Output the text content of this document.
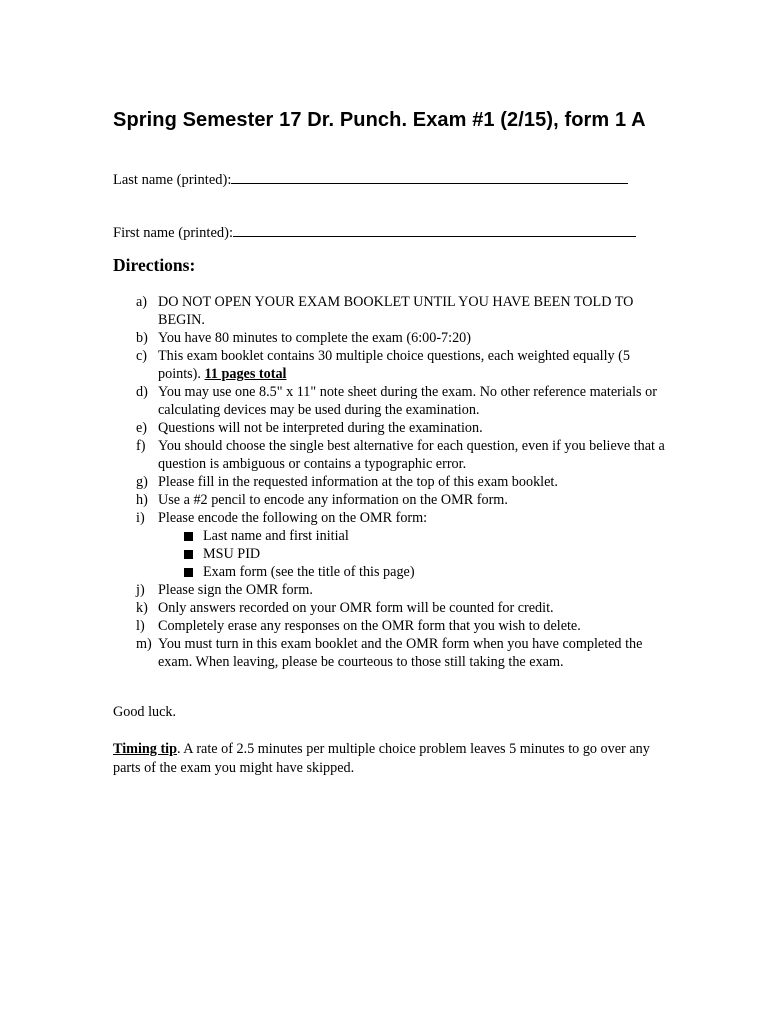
Spring Semester 17 Dr. Punch. Exam #1 (2/15), form 1 A
Last name (printed):
First name (printed):
Directions:
a) DO NOT OPEN YOUR EXAM BOOKLET UNTIL YOU HAVE BEEN TOLD TO BEGIN.
b) You have 80 minutes to complete the exam (6:00-7:20)
c) This exam booklet contains 30 multiple choice questions, each weighted equally (5 points). 11 pages total
d) You may use one 8.5" x 11" note sheet during the exam. No other reference materials or calculating devices may be used during the examination.
e) Questions will not be interpreted during the examination.
f) You should choose the single best alternative for each question, even if you believe that a question is ambiguous or contains a typographic error.
g) Please fill in the requested information at the top of this exam booklet.
h) Use a #2 pencil to encode any information on the OMR form.
i) Please encode the following on the OMR form:
Last name and first initial
MSU PID
Exam form (see the title of this page)
j) Please sign the OMR form.
k) Only answers recorded on your OMR form will be counted for credit.
l) Completely erase any responses on the OMR form that you wish to delete.
m) You must turn in this exam booklet and the OMR form when you have completed the exam. When leaving, please be courteous to those still taking the exam.

Good luck.

Timing tip. A rate of 2.5 minutes per multiple choice problem leaves 5 minutes to go over any parts of the exam you might have skipped.
